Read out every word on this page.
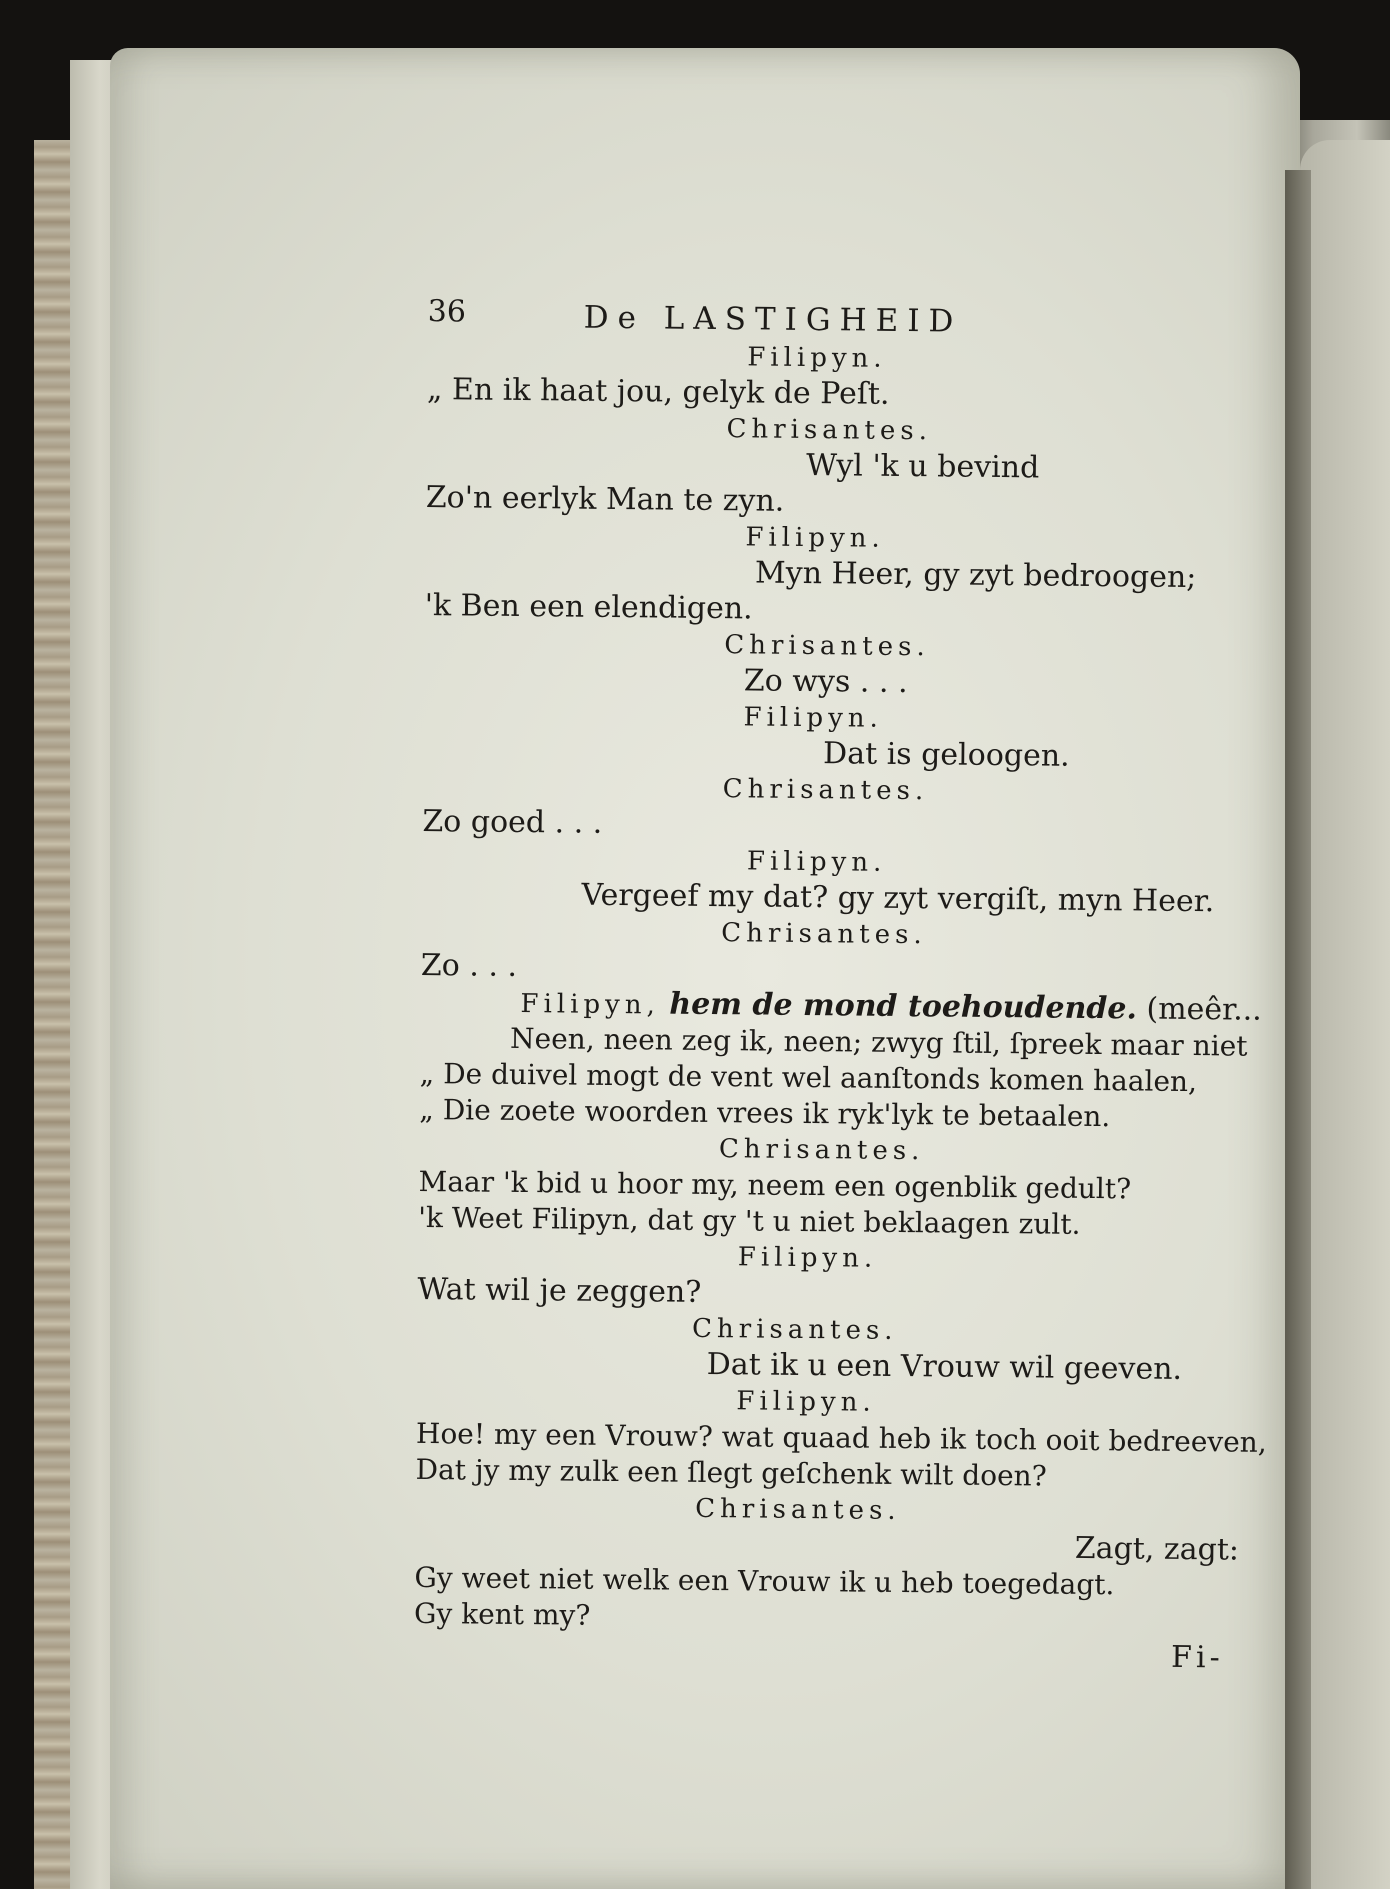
36	De LASTIGHEID
Filipyn.
„ En ik haat jou, gelyk de Peſt.
Chrisantes.
Wyl 'k u bevind
Zo'n eerlyk Man te zyn.
Filipyn.
Myn Heer, gy zyt bedroogen;
'k Ben een elendigen.
Chrisantes.
Zo wys . . .
Filipyn.
Dat is geloogen.
Chrisantes.
Zo goed . . .
Filipyn.
Vergeef my dat? gy zyt vergiſt, myn Heer.
Chrisantes.
Zo . . .
Filipyn, hem de mond toehoudende. (meêr...
Neen, neen zeg ik, neen; zwyg ſtil, ſpreek maar niet
„ De duivel mogt de vent wel aanſtonds komen haalen,
„ Die zoete woorden vrees ik ryk'lyk te betaalen.
Chrisantes.
Maar 'k bid u hoor my, neem een ogenblik gedult?
'k Weet Filipyn, dat gy 't u niet beklaagen zult.
Filipyn.
Wat wil je zeggen?
Chrisantes.
Dat ik u een Vrouw wil geeven.
Filipyn.
Hoe! my een Vrouw? wat quaad heb ik toch ooit bedreeven,
Dat jy my zulk een ſlegt geſchenk wilt doen?
Chrisantes.
Zagt, zagt:
Gy weet niet welk een Vrouw ik u heb toegedagt.
Gy kent my?
Fi-
